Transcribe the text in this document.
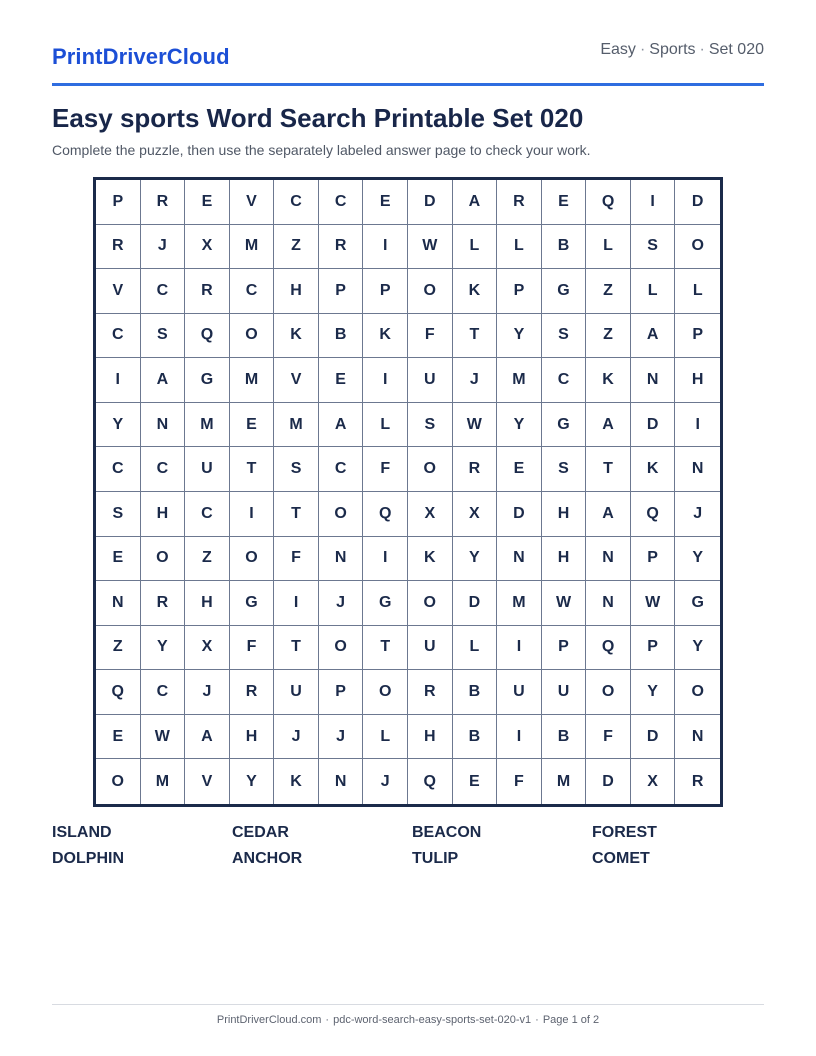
PrintDriverCloud	Easy · Sports · Set 020
Easy sports Word Search Printable Set 020
Complete the puzzle, then use the separately labeled answer page to check your work.
P	R	E	V	C	C	E	D	A	R	E	Q	I	D
R	J	X	M	Z	R	I	W	L	L	B	L	S	O
V	C	R	C	H	P	P	O	K	P	G	Z	L	L
C	S	Q	O	K	B	K	F	T	Y	S	Z	A	P
I	A	G	M	V	E	I	U	J	M	C	K	N	H
Y	N	M	E	M	A	L	S	W	Y	G	A	D	I
C	C	U	T	S	C	F	O	R	E	S	T	K	N
S	H	C	I	T	O	Q	X	X	D	H	A	Q	J
E	O	Z	O	F	N	I	K	Y	N	H	N	P	Y
N	R	H	G	I	J	G	O	D	M	W	N	W	G
Z	Y	X	F	T	O	T	U	L	I	P	Q	P	Y
Q	C	J	R	U	P	O	R	B	U	U	O	Y	O
E	W	A	H	J	J	L	H	B	I	B	F	D	N
O	M	V	Y	K	N	J	Q	E	F	M	D	X	R
ISLAND	CEDAR	BEACON	FOREST
DOLPHIN	ANCHOR	TULIP	COMET
PrintDriverCloud.com · pdc-word-search-easy-sports-set-020-v1 · Page 1 of 2
